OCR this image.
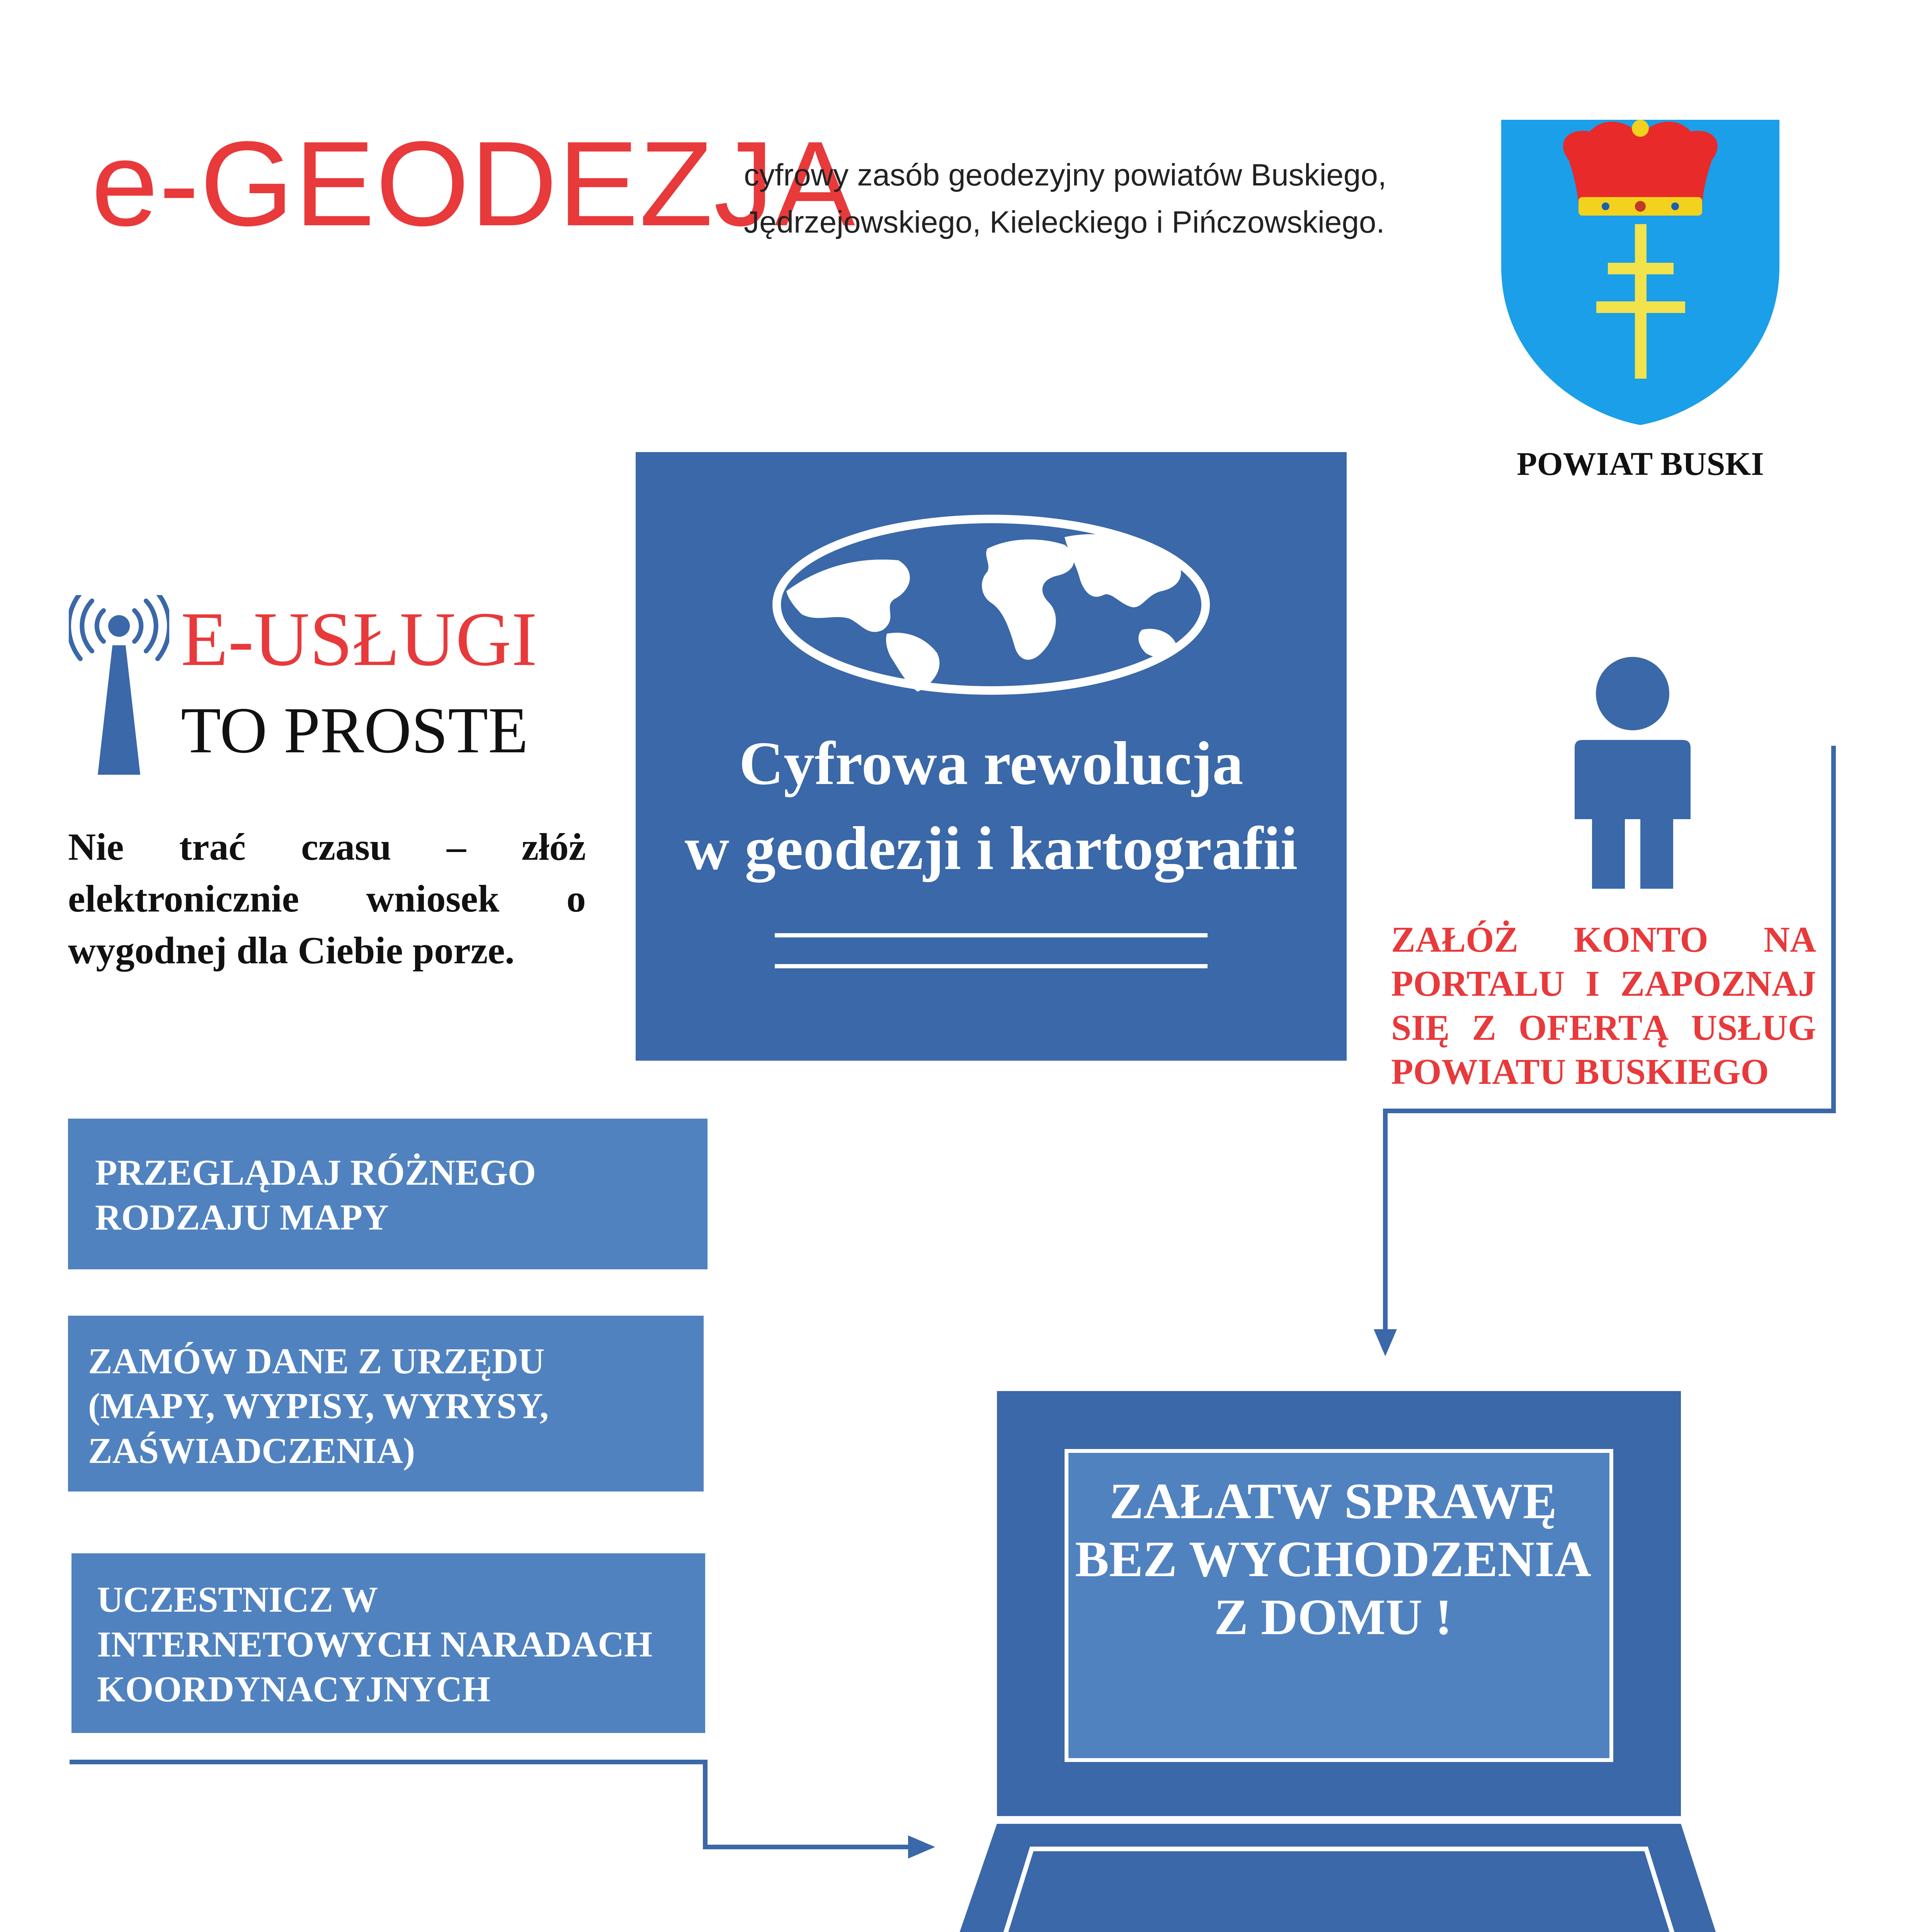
e-GEODEZJA
cyfrowy zasób geodezyjny powiatów Buskiego,
Jędrzejowskiego, Kieleckiego i Pińczowskiego.
POWIAT BUSKI
E-USŁUGI
TO PROSTE
Nie trać czasu – złóż
elektronicznie wniosek o
wygodnej dla Ciebie porze.
Cyfrowa rewolucja
w geodezji i kartografii
ZAŁÓŻ KONTO NA PORTALU I ZAPOZNAJ SIĘ Z OFERTĄ USŁUG POWIATU BUSKIEGO
PRZEGLĄDAJ RÓŻNEGO
RODZAJU MAPY
ZAMÓW DANE Z URZĘDU
(MAPY, WYPISY, WYRYSY,
ZAŚWIADCZENIA)
UCZESTNICZ W
INTERNETOWYCH NARADACH
KOORDYNACYJNYCH
ZAŁATW SPRAWĘ
BEZ WYCHODZENIA
Z DOMU !
